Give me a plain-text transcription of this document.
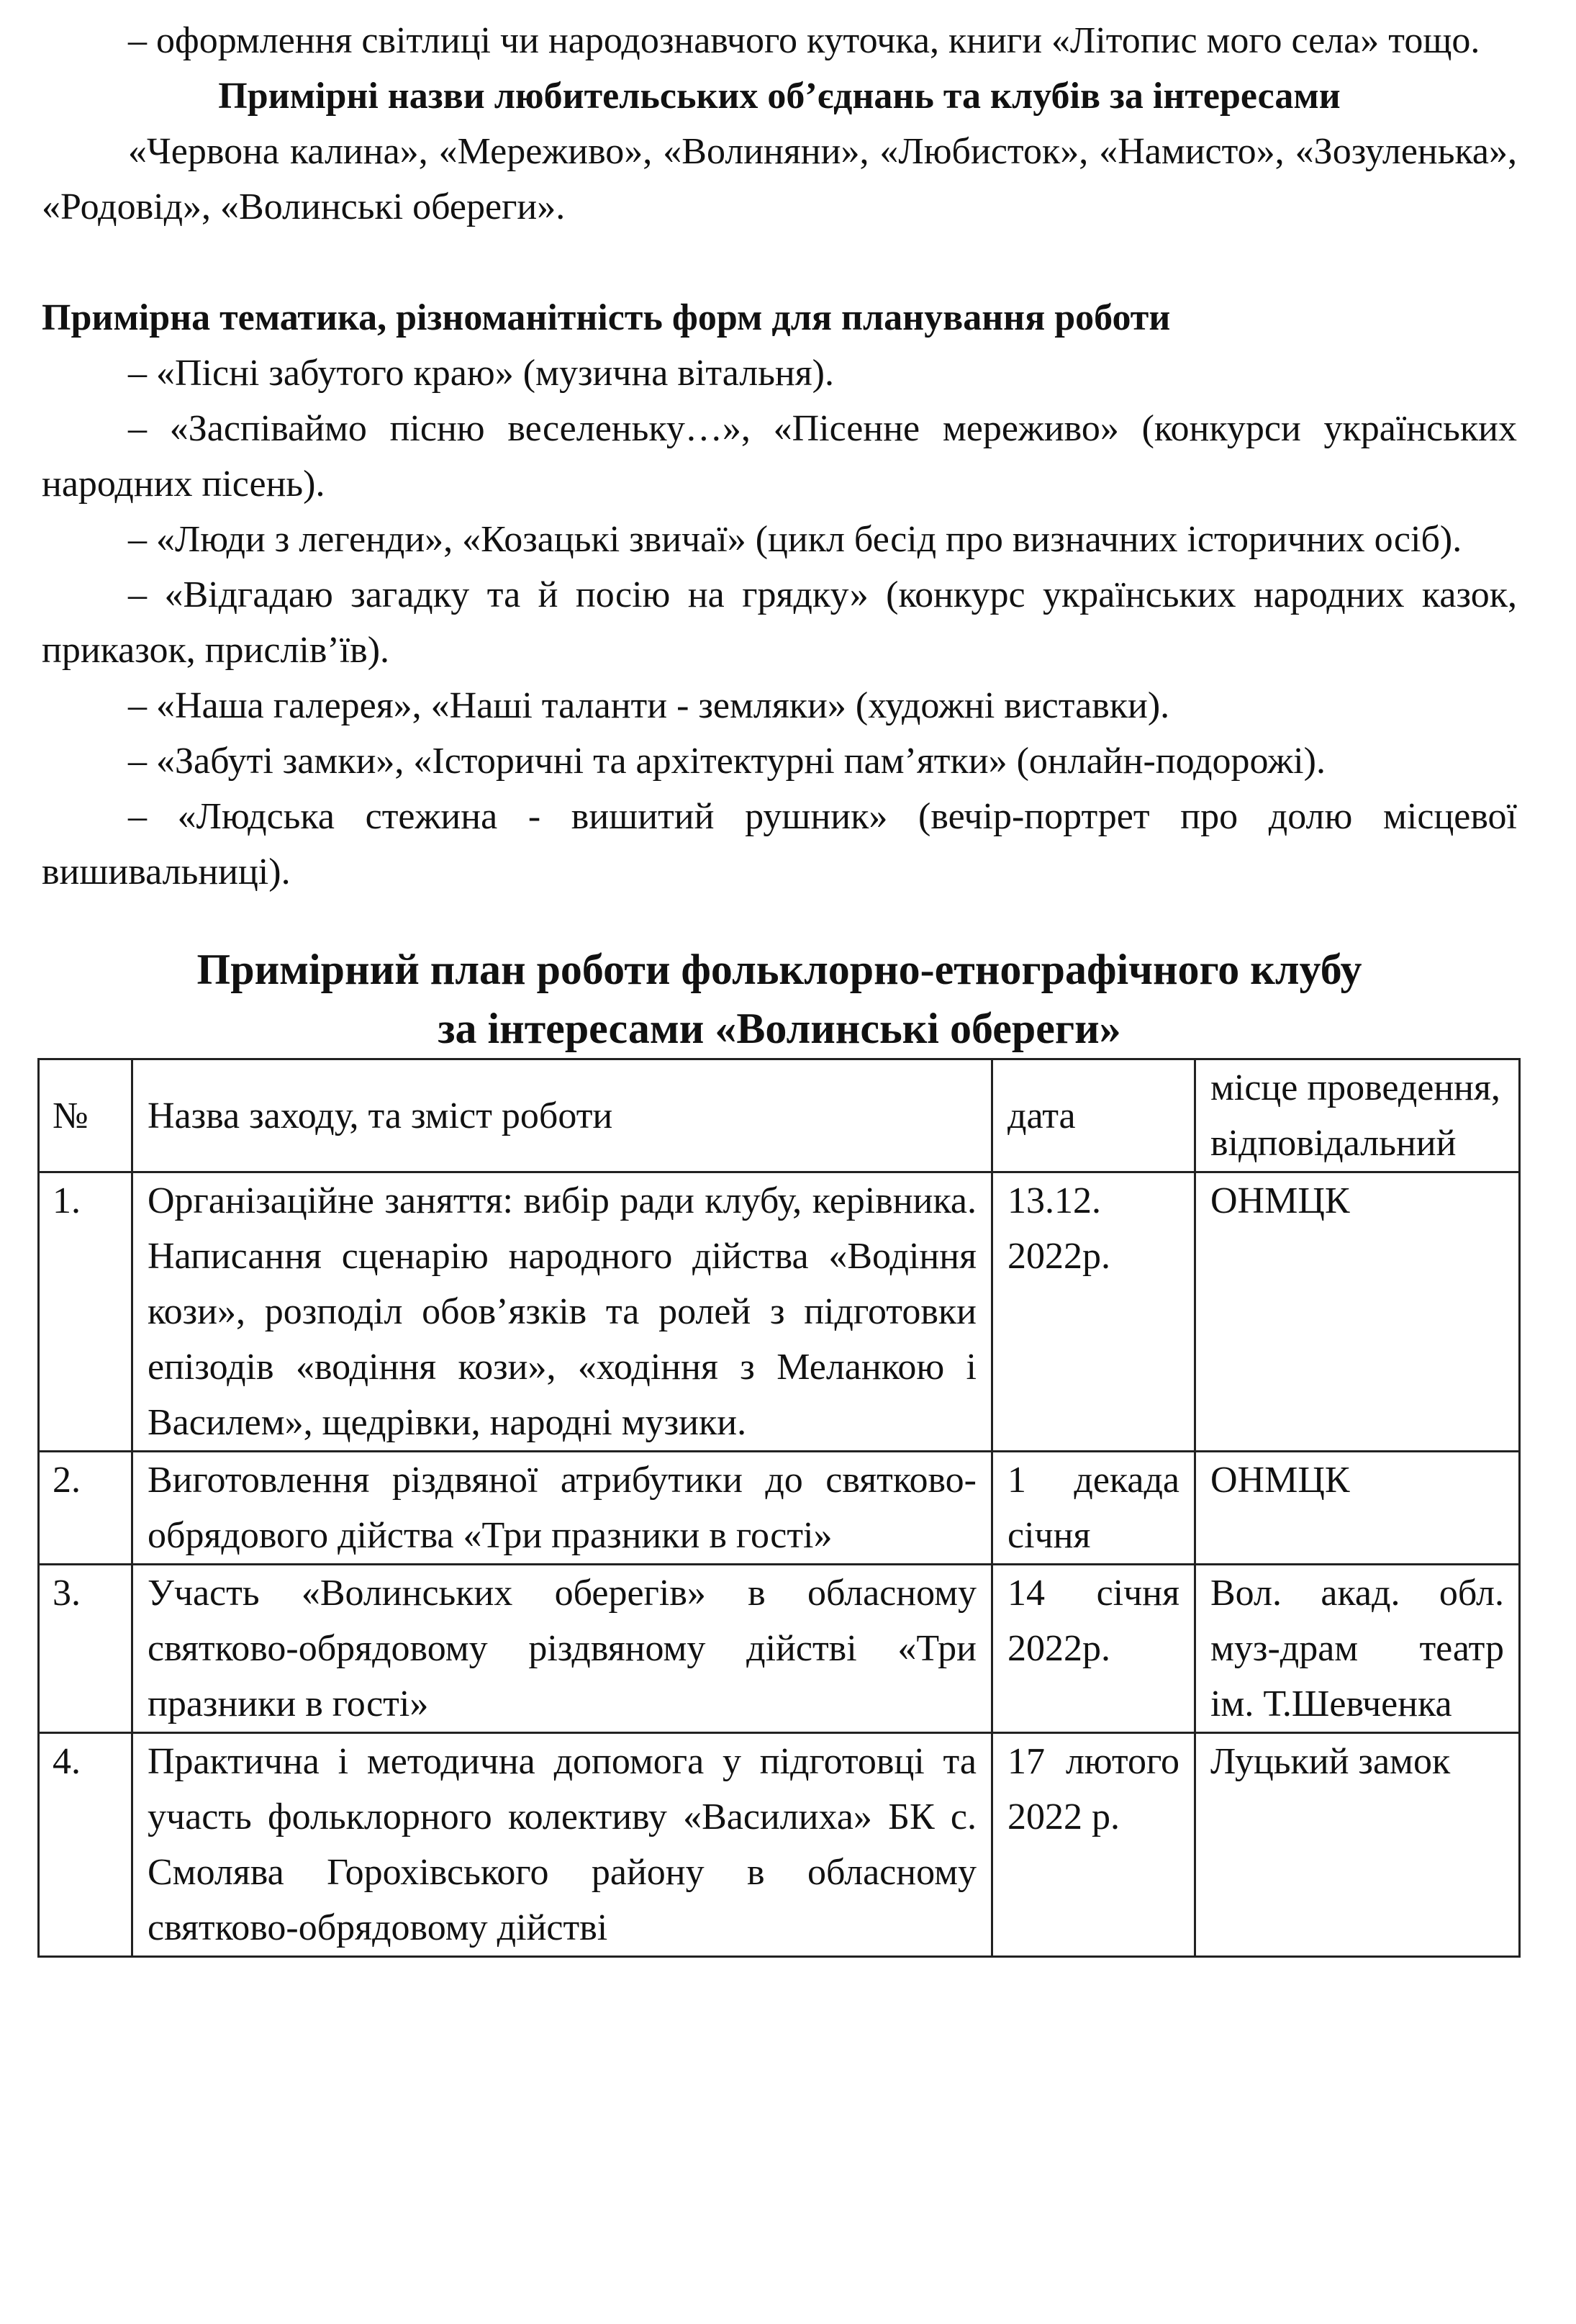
– оформлення світлиці чи народознавчого куточка, книги «Літопис мого села» тощо.

Примірні назви любительських об’єднань та клубів за інтересами

«Червона калина», «Мереживо», «Волиняни», «Любисток», «Намисто», «Зозуленька», «Родовід», «Волинські обереги».

Примірна тематика, різноманітність форм для планування роботи

– «Пісні забутого краю» (музична вітальня).

– «Заспіваймо пісню веселеньку…», «Пісенне мереживо» (конкурси українських народних пісень).

– «Люди з легенди», «Козацькі звичаї» (цикл бесід про визначних історичних осіб).

– «Відгадаю загадку та й посію на грядку» (конкурс українських народних казок, приказок, прислів’їв).

– «Наша галерея», «Наші таланти - земляки» (художні виставки).

– «Забуті замки», «Історичні та архітектурні пам’ятки» (онлайн-подорожі).

– «Людська стежина - вишитий рушник» (вечір-портрет про долю місцевої вишивальниці).

Примірний план роботи фольклорно-етнографічного клубу
за інтересами «Волинські обереги»
№	Назва заходу, та зміст роботи	дата	місце проведення, відповідальний
1.	Організаційне заняття: вибір ради клубу, керівника. Написання сценарію народного дійства «Водіння кози», розподіл обов’язків та ролей з підготовки епізодів «водіння кози», «ходіння з Меланкою і Василем», щедрівки, народні музики.	13.12. 2022р.	ОНМЦК
2.	Виготовлення різдвяної атрибутики до святково-обрядового дійства «Три празники в гості»	1 декада січня	ОНМЦК
3.	Участь «Волинських оберегів» в обласному святково-обрядовому різдвяному дійстві «Три празники в гості»	14 січня 2022р.	Вол. акад. обл. муз-драм театр ім. Т.Шевченка
4.	Практична і методична допомога у підготовці та участь фольклорного колективу «Василиха» БК с. Смолява Горохівського району в обласному святково-обрядовому дійстві	17 лютого 2022 р.	Луцький замок
